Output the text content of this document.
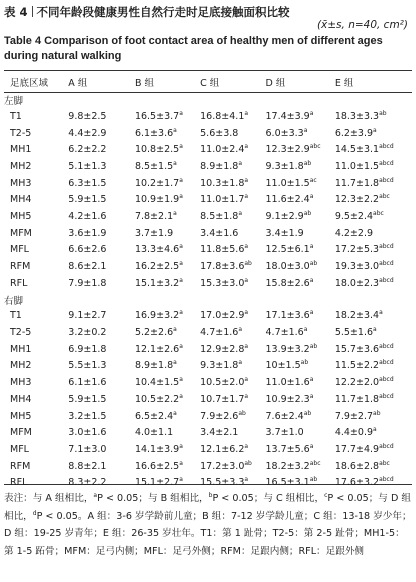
表 4 不同年龄段健康男性自然行走时足底接触面积比较
(x̄±s, n=40, cm²)
Table 4 Comparison of foot contact area of healthy men of different ages during natural walking
足底区域	A 组	B 组	C 组	D 组	E 组
左脚					
T1	9.8±2.5	16.5±3.7$^a$	16.8±4.1$^a$	17.4±3.9$^a$	18.3±3.3$^{ab}$
T2-5	4.4±2.9	6.1±3.6$^a$	5.6±3.8	6.0±3.3$^a$	6.2±3.9$^a$
MH1	6.2±2.2	10.8±2.5$^a$	11.0±2.4$^a$	12.3±2.9$^{abc}$	$14.5\pm 3.1^{abcd}$
MH2	5.1±1.3	8.5±1.5$^a$	8.9±1.8$^a$	9.3±1.8$^{ab}$	$11.0\pm 1.5^{abcd}$
MH3	6.3±1.5	10.2±1.7$^a$	10.3±1.8$^a$	11.0±1.5$^{ac}$	$11.7\pm 1.8^{abcd}$
MH4	5.9±1.5	10.9±1.9$^a$	11.0±1.7$^a$	11.6±2.4$^a$	12.3±2.2$^{abc}$
MH5	4.2±1.6	7.8±2.1$^a$	8.5±1.8$^a$	9.1±2.9$^{ab}$	9.5±2.4$^{abc}$
MFM	3.6±1.9	3.7±1.9	3.4±1.6	3.4±1.9	4.2±2.9
MFL	6.6±2.6	13.3±4.6$^a$	11.8±5.6$^a$	12.5±6.1$^a$	$17.2\pm 5.3^{abcd}$
RFM	8.6±2.1	16.2±2.5$^a$	17.8±3.6$^{ab}$	18.0±3.0$^{ab}$	$19.3\pm 3.0^{abcd}$
RFL	7.9±1.8	15.1±3.2$^a$	15.3±3.0$^a$	15.8±2.6$^a$	$18.0\pm 2.3^{abcd}$
右脚					
T1	9.1±2.7	16.9±3.2$^a$	17.0±2.9$^a$	17.1±3.6$^a$	18.2±3.4$^a$
T2-5	3.2±0.2	5.2±2.6$^a$	4.7±1.6$^a$	4.7±1.6$^a$	5.5±1.6$^a$
MH1	6.9±1.8	12.1±2.6$^a$	12.9±2.8$^a$	13.9±3.2$^{ab}$	$15.7\pm 3.6^{abcd}$
MH2	5.5±1.3	8.9±1.8$^a$	9.3±1.8$^a$	10±1.5$^{ab}$	$11.5\pm 2.2^{abcd}$
MH3	6.1±1.6	10.4±1.5$^a$	10.5±2.0$^a$	11.0±1.6$^a$	$12.2\pm 2.0^{abcd}$
MH4	5.9±1.5	10.5±2.2$^a$	10.7±1.7$^a$	10.9±2.3$^a$	$11.7\pm 1.8^{abcd}$
MH5	3.2±1.5	6.5±2.4$^a$	7.9±2.6$^{ab}$	7.6±2.4$^{ab}$	7.9±2.7$^{ab}$
MFM	3.0±1.6	4.0±1.1	3.4±2.1	3.7±1.0	4.4±0.9$^a$
MFL	7.1±3.0	14.1±3.9$^a$	12.1±6.2$^a$	13.7±5.6$^a$	$17.7\pm 4.9^{abcd}$
RFM	8.8±2.1	16.6±2.5$^a$	17.2±3.0$^{ab}$	18.2±3.2$^{abc}$	18.6±2.8$^{abc}$
RFL	8.3±2.2	15.1±2.7$^a$	15.5±3.3$^a$	16.5±3.1$^{ab}$	$17.6\pm 3.2^{abcd}$
表注：与 A 组相比，$^a$P < 0.05；与 B 组相比，$^b$P < 0.05；与 C 组相比，$^c$P < 0.05；与 D 组相比，$^d$P < 0.05。A 组：3-6 岁学龄前儿童；B 组：7-12 岁学龄儿童；C 组：13-18 岁少年；D 组：19-25 岁青年；E 组：26-35 岁壮年。T1：第 1 趾骨；T2-5：第 2-5 趾骨；MH1-5：第 1-5 跖骨；MFM：足弓内侧；MFL：足弓外侧；RFM：足跟内侧；RFL：足跟外侧
